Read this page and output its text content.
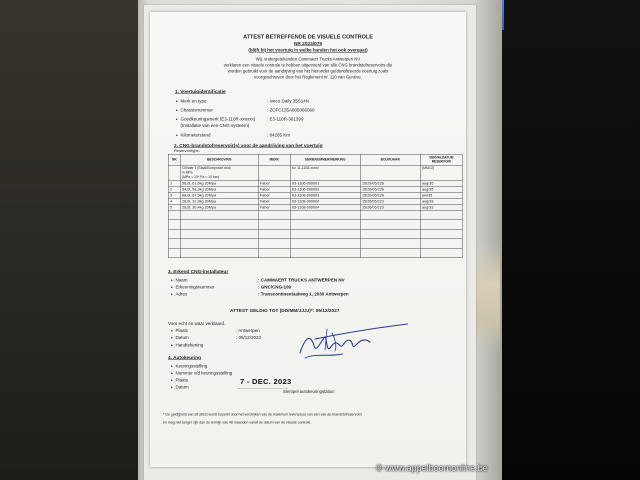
ATTEST BETREFFENDE DE VISUELE CONTROLE
NR 2023/079
(blijft bij het voertuig in welke handen het ook overgaat)
Wij, ondergetekenden Cammaert Trucks Antwerpen NV
verklaren een visuele controle te hebben uitgevoerd van alle CNG brandstofreservoirs die
worden gebruikt voor de aandrijving van het hieronder geïdentificeerde voertuig zoals
voorgeschreven door het Reglement nr. 110 van Genève.
1. Voertuigidentificatie
Merk en type	: Iveco Daily 35S14N
Chassisnummer	: ZCFC135A805066060
Goedkeuringsmerk (E3-110R-xxxxxx)
(Installatie van een CNG-systeem)
: E3-110R-361399
Kilometerstand	: 84285 Km
2. CNG-brandstofreservoir(s) voor de aandrijving van het voertuig
Reservoirtype:
NR	BESCHRIJVING	MERK	SERIENUMMER/MERKING	BOUWJAAR	VERVALDATUM RESERVOIR

	Cilinder 1 (Staal/Komposiet druk
in MPa
(MPa = 10⁶ Pa = 10 bar)		bv. 11-1108-xxxxx		(MM/JJ)
1	56,0L 61,6kg 20Mpa	Faber	63-1106-000001	15/29/05/226	aug/35
2	54,0L 58,3kg 20Mpa	Faber	63-1106-000002	15/26/05/226	aug/35
3	68,0L 67,5kg 20Mpa	Faber	63-1108-000003	15/20/05/226	jun/35
4	28,0L 31,3kg 20Mpa	Faber	63-1108-000004	15/26/05/223	aug/33
5	28,0L 30,4kg 20Mpa	Faber	63-1108-000004	15/26/05/223	aug/33

3. Erkend CNG-installateur
Naam	: CAMMAERT TRUCKS ANTWERPEN NV
Erkenningsnummer	: GNC/CNG-109
Adres	: Transcontinentaalweg 1, 2030 Antwerpen
ATTEST GELDIG TOT (DD/MM/JJJJ)*: 05/12/2027
Voor echt en waar verklaard.
Plaats	: Antwerpen
Datum	: 05/12/2023
Handtekening
4. Autokeuring
Keuringsstelling
Nummer v/d keuringsstelling
Plaats
Datum
7 - DEC. 2023
Stempel autokeuringstation
* De geldigheid van dit attest wordt beperkt door het verstrijken van de maximum levensduur van één van de brandstofreservoirs
en mag niet langer zijn dan de termijn van 48 maanden vanaf de datum van de visuele controle.
© www.appelboomonline.be
